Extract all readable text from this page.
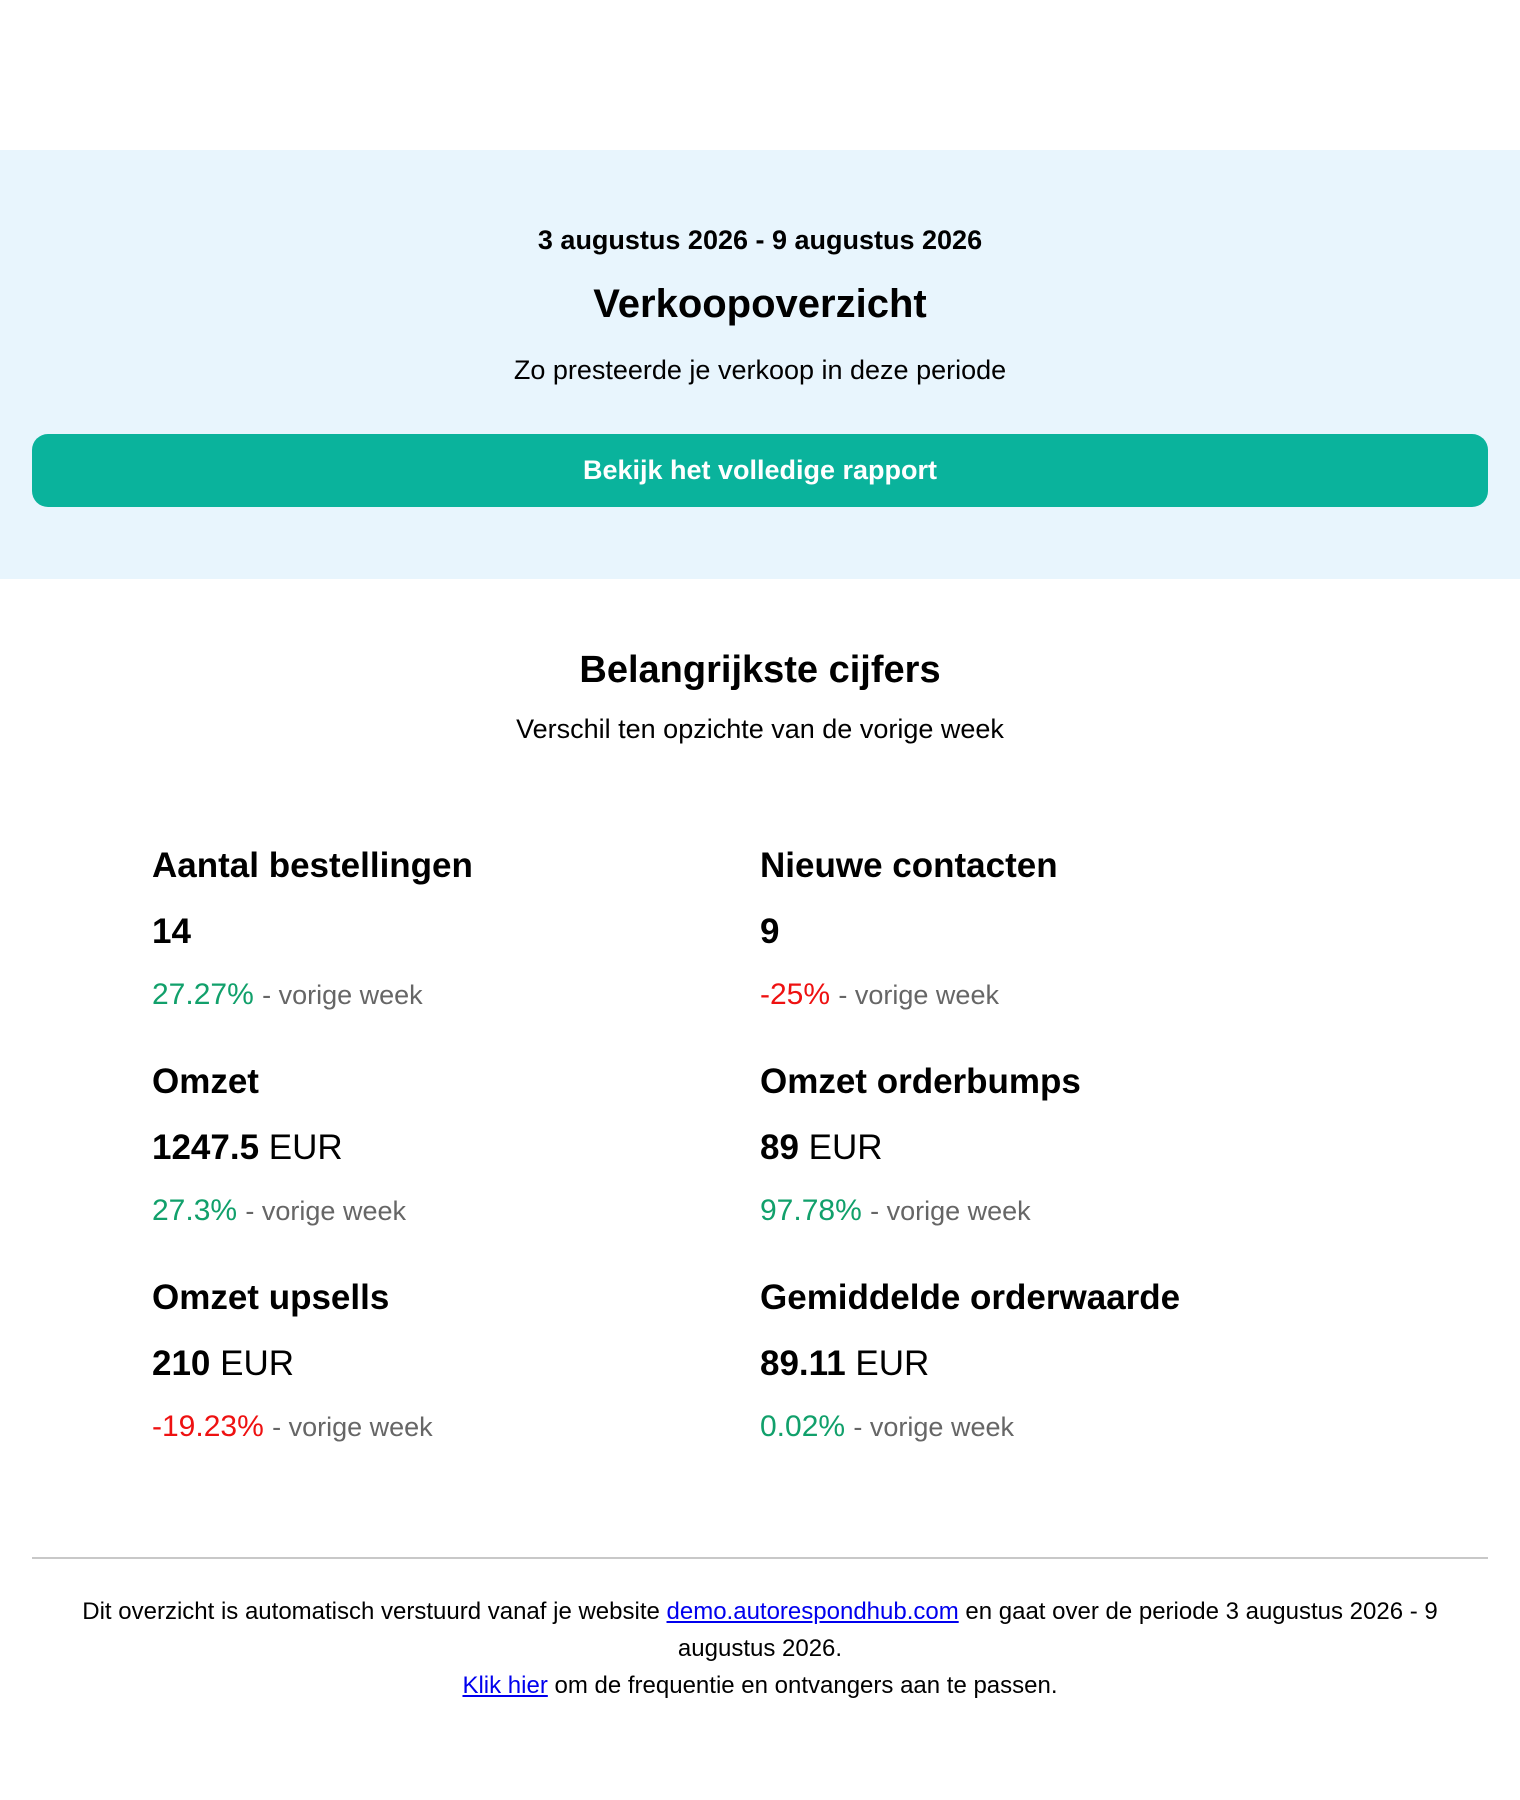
3 augustus 2026 - 9 augustus 2026
Verkoopoverzicht
Zo presteerde je verkoop in deze periode
Bekijk het volledige rapport
Belangrijkste cijfers
Verschil ten opzichte van de vorige week
Aantal bestellingen
14
27.27% - vorige week
Nieuwe contacten
9
-25% - vorige week
Omzet
1247.5 EUR
27.3% - vorige week
Omzet orderbumps
89 EUR
97.78% - vorige week
Omzet upsells
210 EUR
-19.23% - vorige week
Gemiddelde orderwaarde
89.11 EUR
0.02% - vorige week
Dit overzicht is automatisch verstuurd vanaf je website demo.autorespondhub.com en gaat over de periode 3 augustus 2026 - 9 augustus 2026.
Klik hier om de frequentie en ontvangers aan te passen.
